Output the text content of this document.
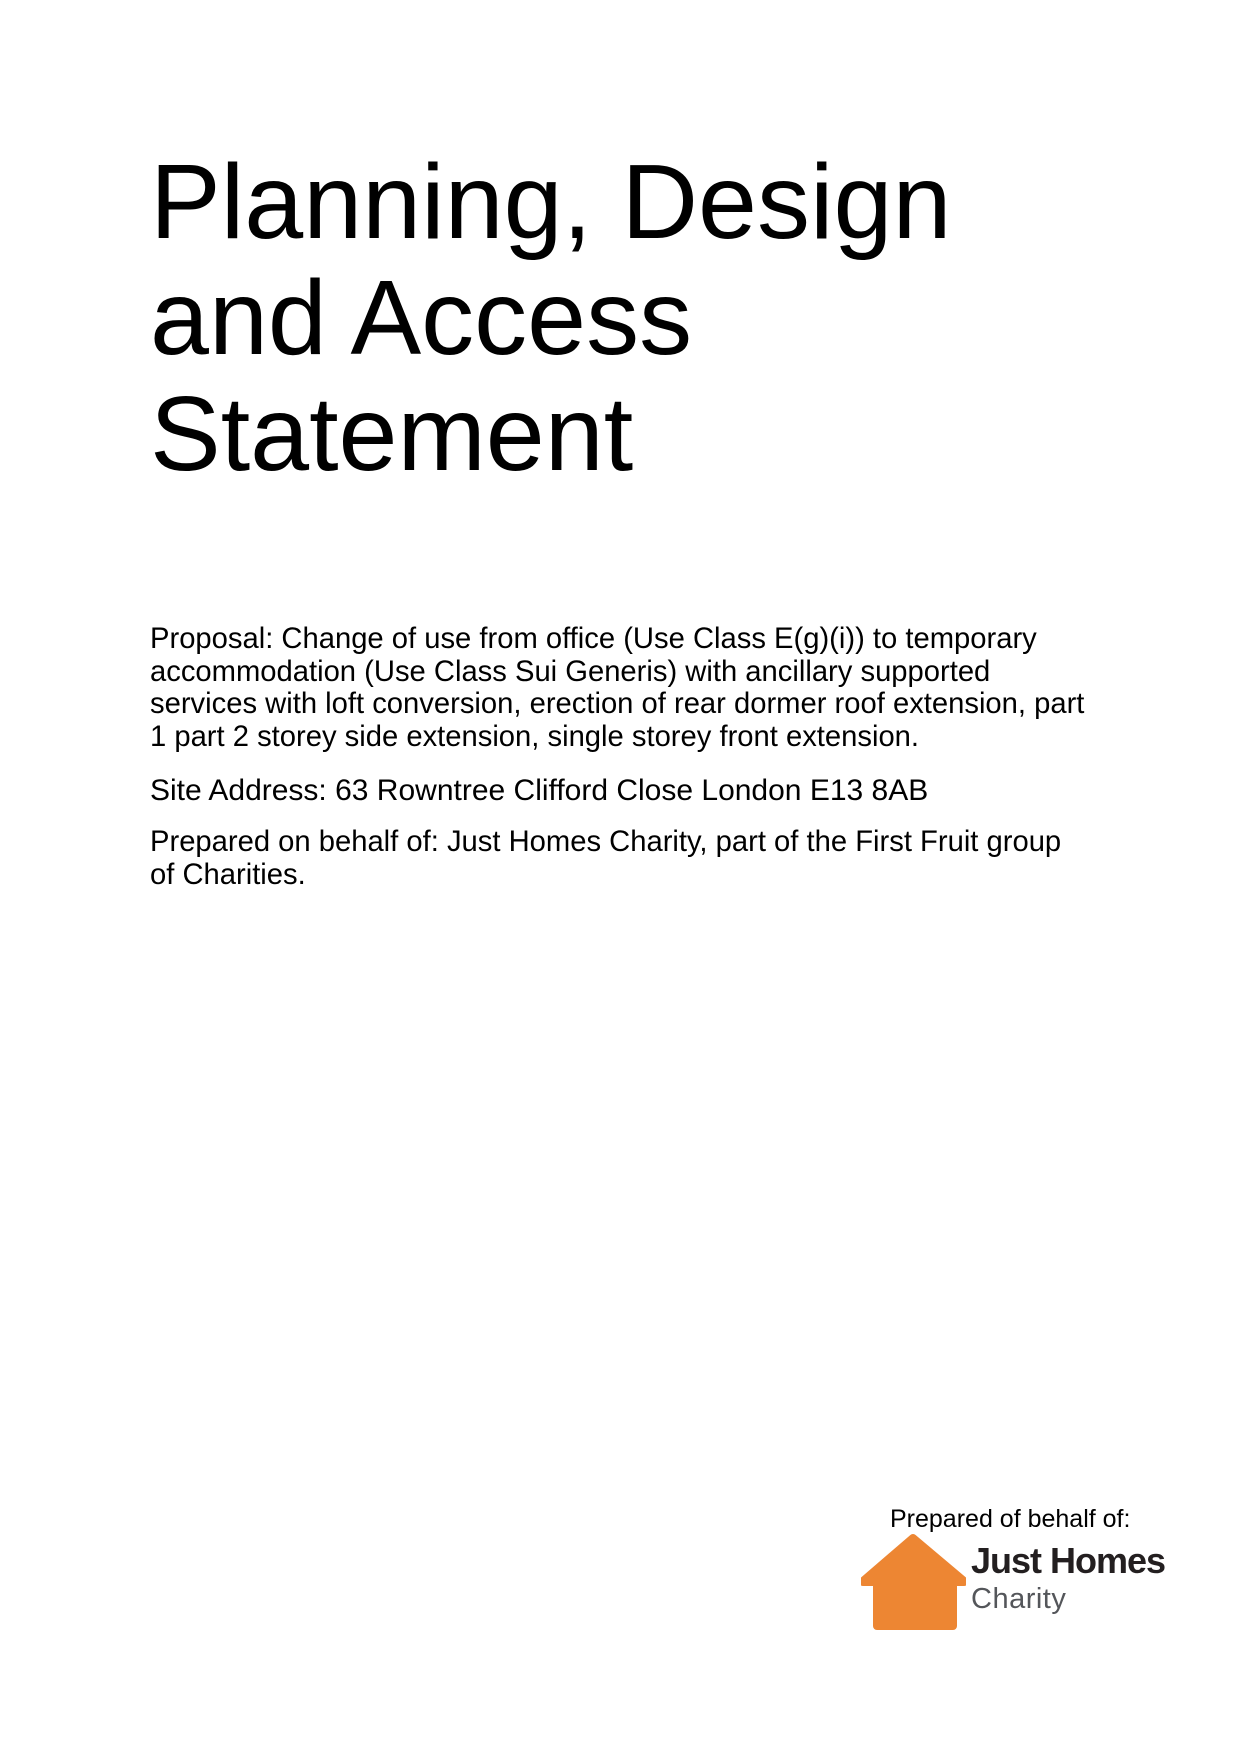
Planning, Design and Access Statement

Proposal: Change of use from office (Use Class E(g)(i)) to temporary accommodation (Use Class Sui Generis) with ancillary supported services with loft conversion, erection of rear dormer roof extension, part 1 part 2 storey side extension, single storey front extension.

Site Address: 63 Rowntree Clifford Close London E13 8AB

Prepared on behalf of: Just Homes Charity, part of the First Fruit group of Charities.

Prepared of behalf of:
Just Homes
Charity
